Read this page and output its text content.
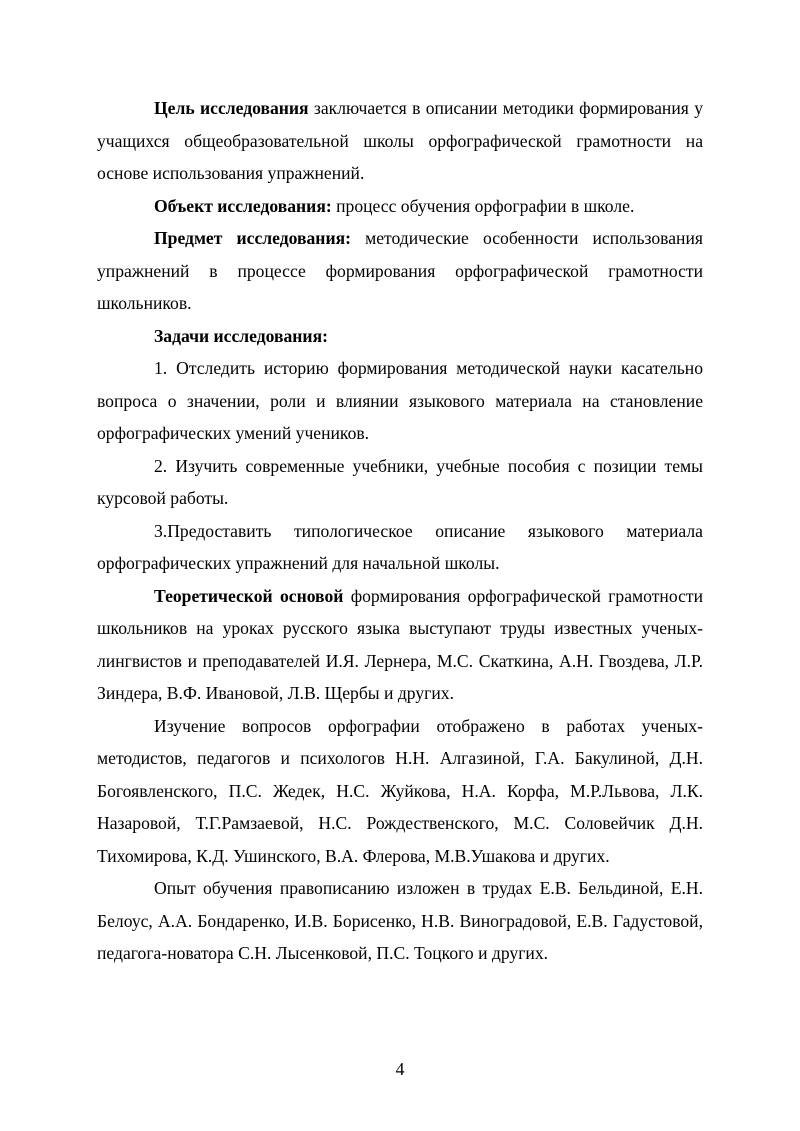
Цель исследования заключается в описании методики формирования у учащихся общеобразовательной школы орфографической грамотности на основе использования упражнений.

Объект исследования: процесс обучения орфографии в школе.

Предмет исследования: методические особенности использования упражнений в процессе формирования орфографической грамотности школьников.

Задачи исследования:

1. Отследить историю формирования методической науки касательно вопроса о значении, роли и влиянии языкового материала на становление орфографических умений учеников.

2. Изучить современные учебники, учебные пособия с позиции темы курсовой работы.

3.Предоставить типологическое описание языкового материала орфографических упражнений для начальной школы.

Теоретической основой формирования орфографической грамотности школьников на уроках русского языка выступают труды известных ученых-лингвистов и преподавателей И.Я. Лернера, М.С. Скаткина, А.Н. Гвоздева, Л.Р. Зиндера, В.Ф. Ивановой, Л.В. Щербы и других.

Изучение вопросов орфографии отображено в работах ученых-методистов, педагогов и психологов Н.Н. Алгазиной, Г.А. Бакулиной, Д.Н. Богоявленского, П.С. Жедек, Н.С. Жуйкова, Н.А. Корфа, М.Р.Львова, Л.К. Назаровой, Т.Г.Рамзаевой, Н.С. Рождественского, М.С. Соловейчик Д.Н. Тихомирова, К.Д. Ушинского, В.А. Флерова, М.В.Ушакова и других.

Опыт обучения правописанию изложен в трудах Е.В. Бельдиной, Е.Н. Белоус, А.А. Бондаренко, И.В. Борисенко, Н.В. Виноградовой, Е.В. Гадустовой, педагога-новатора С.Н. Лысенковой, П.С. Тоцкого и других.

4
